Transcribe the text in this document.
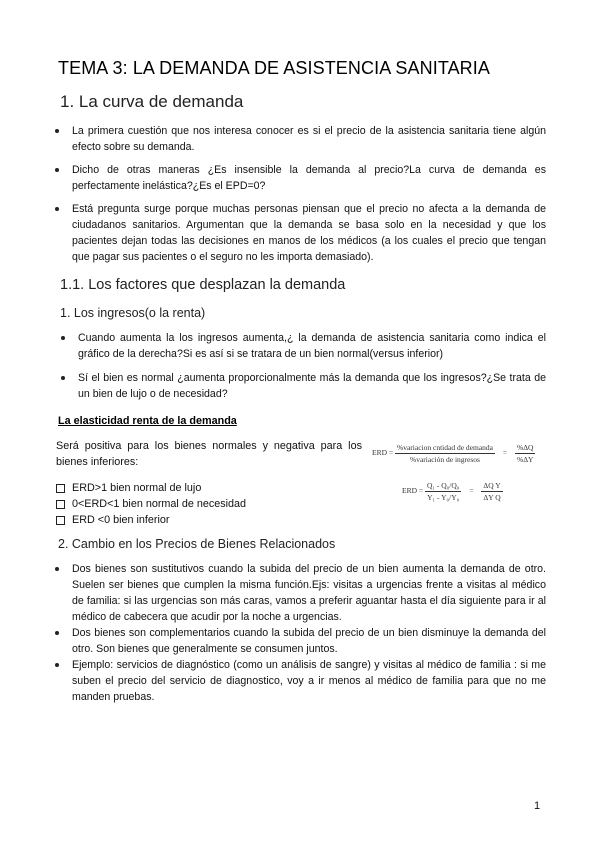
TEMA 3: LA DEMANDA DE ASISTENCIA SANITARIA
1. La curva de demanda
La primera cuestión que nos interesa conocer es si el precio de la asistencia sanitaria tiene algún efecto sobre su demanda.
Dicho de otras maneras ¿Es insensible la demanda al precio?La curva de demanda es perfectamente inelástica?¿Es el EPD=0?
Está pregunta surge porque muchas personas piensan que el precio no afecta a la demanda de ciudadanos sanitarios. Argumentan que la demanda se basa solo en la necesidad y que los pacientes dejan todas las decisiones en manos de los médicos (a los cuales el precio que tengan que pagar sus pacientes o el seguro no les importa demasiado).
1.1. Los factores que desplazan la demanda
1. Los ingresos(o la renta)
Cuando aumenta la los ingresos aumenta,¿ la demanda de asistencia sanitaria como indica el gráfico de la derecha?Si es así si se tratara de un bien normal(versus inferior)
Sí el bien es normal ¿aumenta proporcionalmente más la demanda que los ingresos?¿Se trata de un bien de lujo o de necesidad?
La elasticidad renta de la demanda
Será positiva para los bienes normales y negativa para los bienes inferiores:
ERD>1 bien normal de lujo
0<ERD<1 bien normal de necesidad
ERD <0 bien inferior
ERD = $\frac{\text{\%variacion cntidad de demanda}}{\text{\%variación de ingresos}} = \frac{\%\Delta Q}{\%\Delta Y}$
ERD = $\frac{\text{Q₁ - Q₀/Q₀}}{\text{Y₁ - Y₀/Y₀}} = \frac{\text{ΔQ Y}}{\text{ΔY Q}}$
2. Cambio en los Precios de Bienes Relacionados
Dos bienes son sustitutivos cuando la subida del precio de un bien aumenta la demanda de otro. Suelen ser bienes que cumplen la misma función.Ejs: visitas a urgencias frente a visitas al médico de familia: si las urgencias son más caras, vamos a preferir aguantar hasta el día siguiente para ir al médico de cabecera que acudir por la noche a urgencias.
Dos bienes son complementarios cuando la subida del precio de un bien disminuye la demanda del otro. Son bienes que generalmente se consumen juntos.
Ejemplo: servicios de diagnóstico (como un análisis de sangre) y visitas al médico de familia : si me suben el precio del servicio de diagnostico, voy a ir menos al médico de familia para que no me manden pruebas.
1
